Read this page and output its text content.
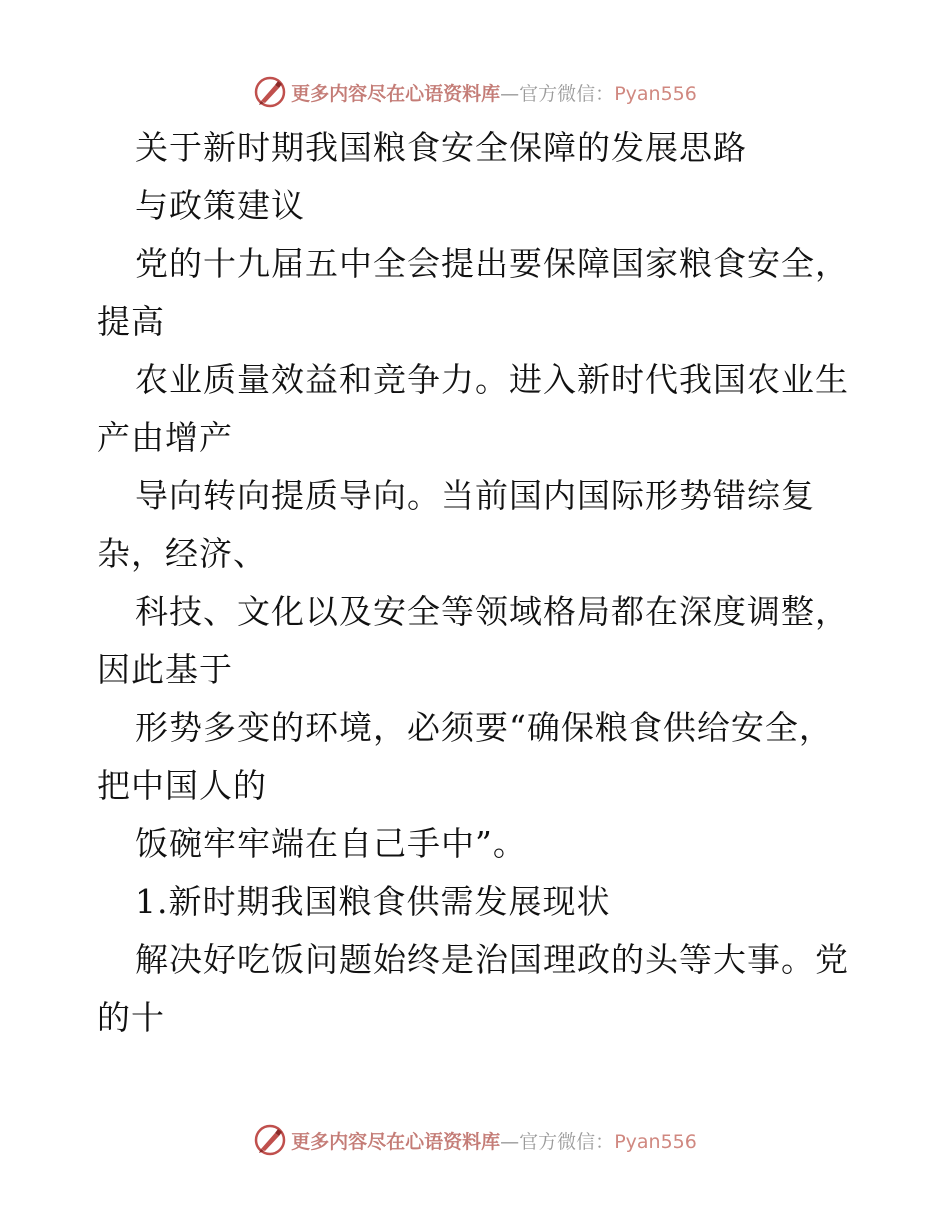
更多内容尽在心语资料库—官方微信：Pyan556
关于新时期我国粮食安全保障的发展思路
与政策建议
党的十九届五中全会提出要保障国家粮食安全，
提高
农业质量效益和竞争力。进入新时代我国农业生
产由增产
导向转向提质导向。当前国内国际形势错综复
杂，经济、
科技、文化以及安全等领域格局都在深度调整，
因此基于
形势多变的环境，必须要“确保粮食供给安全，
把中国人的
饭碗牢牢端在自己手中”。
1.新时期我国粮食供需发展现状
解决好吃饭问题始终是治国理政的头等大事。党
的十
更多内容尽在心语资料库—官方微信：Pyan556
